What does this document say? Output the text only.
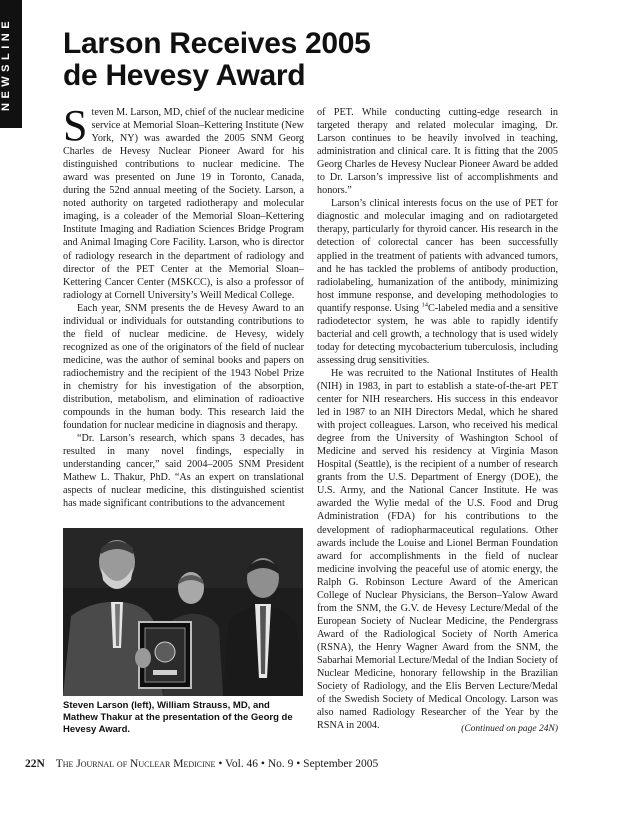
NEWSLINE	Larson Receives 2005
de Hevesy Award

Steven M. Larson, MD, chief of the nuclear medicine service at Memorial Sloan–Kettering Institute (New York, NY) was awarded the 2005 SNM Georg Charles de Hevesy Nuclear Pioneer Award for his distinguished contributions to nuclear medicine. The award was presented on June 19 in Toronto, Canada, during the 52nd annual meeting of the Society. Larson, a noted authority on targeted radiotherapy and molecular imaging, is a coleader of the Memorial Sloan–Kettering Institute Imaging and Radiation Sciences Bridge Program and Animal Imaging Core Facility. Larson, who is director of radiology research in the department of radiology and director of the PET Center at the Memorial Sloan–Kettering Cancer Center (MSKCC), is also a professor of radiology at Cornell University’s Weill Medical College.

Each year, SNM presents the de Hevesy Award to an individual or individuals for outstanding contributions to the field of nuclear medicine. de Hevesy, widely recognized as one of the originators of the field of nuclear medicine, was the author of seminal books and papers on radiochemistry and the recipient of the 1943 Nobel Prize in chemistry for his investigation of the absorption, distribution, metabolism, and elimination of radioactive compounds in the human body. This research laid the foundation for nuclear medicine in diagnosis and therapy.

“Dr. Larson’s research, which spans 3 decades, has resulted in many novel findings, especially in understanding cancer,” said 2004–2005 SNM President Mathew L. Thakur, PhD. “As an expert on translational aspects of nuclear medicine, this distinguished scientist has made significant contributions to the advancement

Steven Larson (left), William Strauss, MD, and Mathew Thakur at the presentation of the Georg de Hevesy Award.

of PET. While conducting cutting-edge research in targeted therapy and related molecular imaging, Dr. Larson continues to be heavily involved in teaching, administration and clinical care. It is fitting that the 2005 Georg Charles de Hevesy Nuclear Pioneer Award be added to Dr. Larson’s impressive list of accomplishments and honors.”

Larson’s clinical interests focus on the use of PET for diagnostic and molecular imaging and on radiotargeted therapy, particularly for thyroid cancer. His research in the detection of colorectal cancer has been successfully applied in the treatment of patients with advanced tumors, and he has tackled the problems of antibody production, radiolabeling, humanization of the antibody, minimizing host immune response, and developing methodologies to quantify response. Using $^{14}$C-labeled media and a sensitive radiodetector system, he was able to rapidly identify bacterial and cell growth, a technology that is used widely today for detecting mycobacterium tuberculosis, including assessing drug sensitivities.

He was recruited to the National Institutes of Health (NIH) in 1983, in part to establish a state-of-the-art PET center for NIH researchers. His success in this endeavor led in 1987 to an NIH Directors Medal, which he shared with project colleagues. Larson, who received his medical degree from the University of Washington School of Medicine and served his residency at Virginia Mason Hospital (Seattle), is the recipient of a number of research grants from the U.S. Department of Energy (DOE), the U.S. Army, and the National Cancer Institute. He was awarded the Wylie medal of the U.S. Food and Drug Administration (FDA) for his contributions to the development of radiopharmaceutical regulations. Other awards include the Louise and Lionel Berman Foundation award for accomplishments in the field of nuclear medicine involving the peaceful use of atomic energy, the Ralph G. Robinson Lecture Award of the American College of Nuclear Physicians, the Berson–Yalow Award from the SNM, the G.V. de Hevesy Lecture/Medal of the European Society of Nuclear Medicine, the Pendergrass Award of the Radiological Society of North America (RSNA), the Henry Wagner Award from the SNM, the Sabarhai Memorial Lecture/Medal of the Indian Society of Nuclear Medicine, honorary fellowship in the Brazilian Society of Radiology, and the Elis Berven Lecture/Medal of the Swedish Society of Medical Oncology. Larson was also named Radiology Researcher of the Year by the RSNA in 2004.	(Continued on page 24N)
22N The Journal of Nuclear Medicine • Vol. 46 • No. 9 • September 2005
